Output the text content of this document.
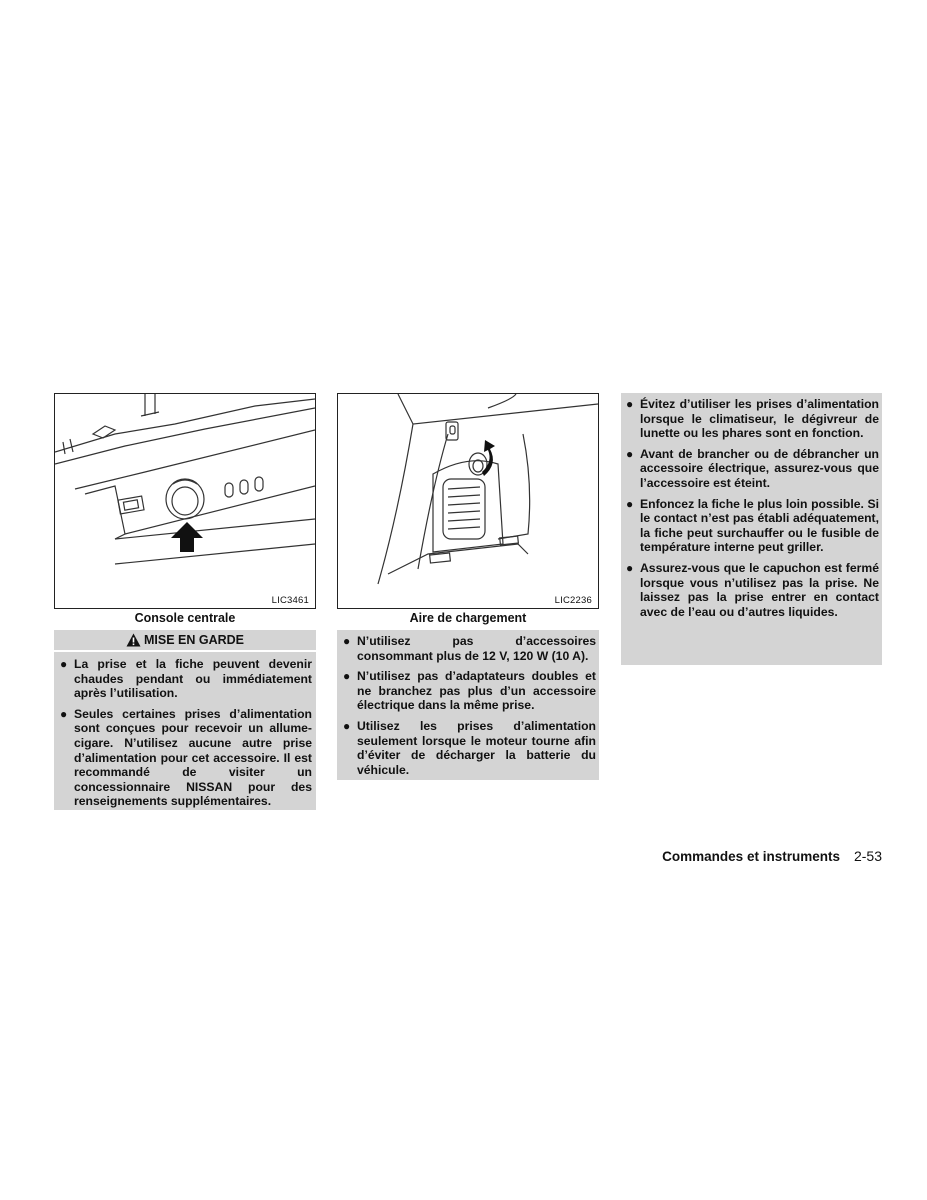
LIC3461
Console centrale
LIC2236
Aire de chargement
MISE EN GARDE
● La prise et la fiche peuvent devenir chaudes pendant ou immédiatement après l’utilisation.
● Seules certaines prises d’alimentation sont conçues pour recevoir un allume-cigare. N’utilisez aucune autre prise d’alimentation pour cet accessoire. Il est recommandé de visiter un concessionnaire NISSAN pour des renseignements supplémentaires.
● N’utilisez pas d’accessoires consommant plus de 12 V, 120 W (10 A).
● N’utilisez pas d’adaptateurs doubles et ne branchez pas plus d’un accessoire électrique dans la même prise.
● Utilisez les prises d’alimentation seulement lorsque le moteur tourne afin d’éviter de décharger la batterie du véhicule.
● Évitez d’utiliser les prises d’alimentation lorsque le climatiseur, le dégivreur de lunette ou les phares sont en fonction.
● Avant de brancher ou de débrancher un accessoire électrique, assurez-vous que l’accessoire est éteint.
● Enfoncez la fiche le plus loin possible. Si le contact n’est pas établi adéquatement, la fiche peut surchauffer ou le fusible de température interne peut griller.
● Assurez-vous que le capuchon est fermé lorsque vous n’utilisez pas la prise. Ne laissez pas la prise entrer en contact avec de l’eau ou d’autres liquides.
Commandes et instruments 2-53
